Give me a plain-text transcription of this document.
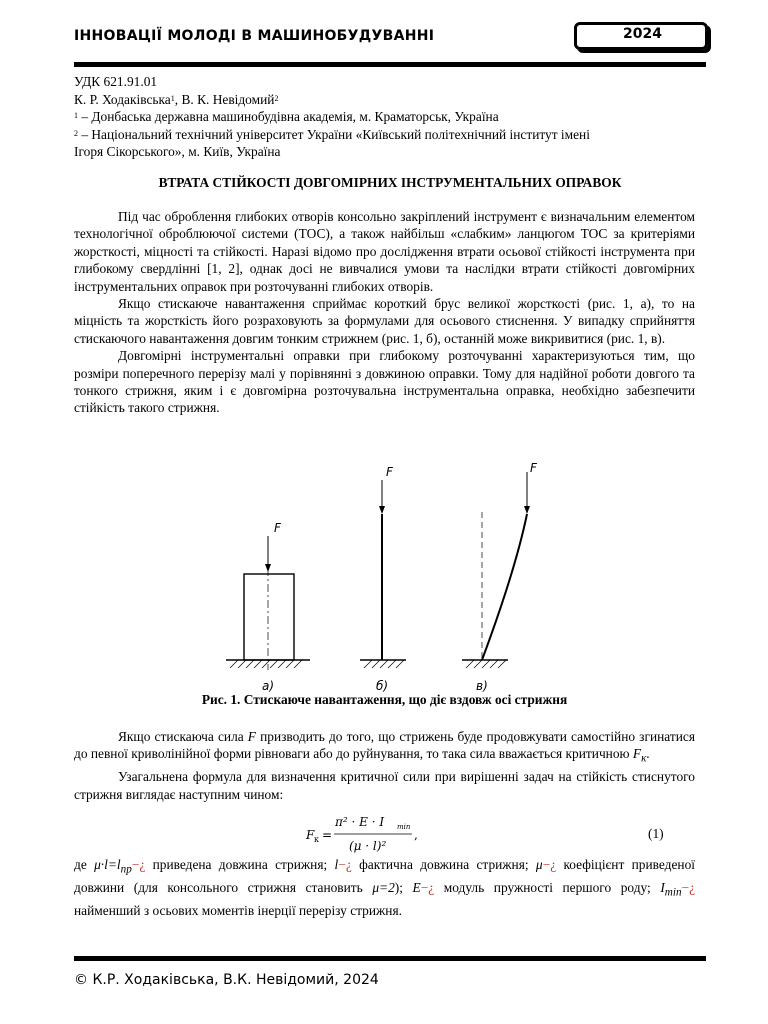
ІННОВАЦІЇ МОЛОДІ В МАШИНОБУДУВАННІ	2024
УДК 621.91.01
К. Р. Ходаківська$^1$, В. К. Невідомий$^2$
$^1$ – Донбаська державна машинобудівна академія, м. Краматорськ, Україна
$^2$ – Національний технічний університет України «Київський політехнічний інститут імені
Ігоря Сікорського», м. Київ, Україна
ВТРАТА СТІЙКОСТІ ДОВГОМІРНИХ ІНСТРУМЕНТАЛЬНИХ ОПРАВОК

Під час оброблення глибоких отворів консольно закріплений інструмент є визначальним елементом технологічної оброблюючої системи (ТОС), а також найбільш «слабким» ланцюгом ТОС за критеріями жорсткості, міцності та стійкості. Наразі відомо про дослідження втрати осьової стійкості інструмента при глибокому свердлінні [1, 2], однак досі не вивчалися умови та наслідки втрати стійкості довгомірних інструментальних оправок при розточуванні глибоких отворів.

Якщо стискаюче навантаження сприймає короткий брус великої жорсткості (рис. 1, а), то на міцність та жорсткість його розраховують за формулами для осьового стиснення. У випадку сприйняття стискаючого навантаження довгим тонким стрижнем (рис. 1, б), останній може викривитися (рис. 1, в).

Довгомірні інструментальні оправки при глибокому розточуванні характеризуються тим, що розміри поперечного перерізу малі у порівнянні з довжиною оправки. Тому для надійної роботи довгого та тонкого стрижня, яким і є довгомірна розточувальна інструментальна оправка, необхідно забезпечити стійкість такого стрижня.

F
F	F
а)	б)	в)
Рис. 1. Стискаюче навантаження, що діє вздовж осі стрижня

Якщо стискаюча сила F призводить до того, що стрижень буде продовжувати самостійно згинатися до певної криволінійної форми рівноваги або до руйнування, то така сила вважається критичною $F_к$.

Узагальнена формула для визначення критичної сили при вирішенні задач на стійкість стиснутого стрижня виглядає наступним чином:

F к =
π² · E · I min
(μ · l)²
,	(1)

де $\mu\cdot l=l_{пр}-¿$ приведена довжина стрижня; l−¿ фактична довжина стрижня; μ−¿ коефіцієнт приведеної довжини (для консольного стрижня становить μ=2); E−¿ модуль пружності першого роду; $I_{min}-¿$ найменший з осьових моментів інерції перерізу стрижня.

© К.Р. Ходаківська, В.К. Невідомий, 2024
